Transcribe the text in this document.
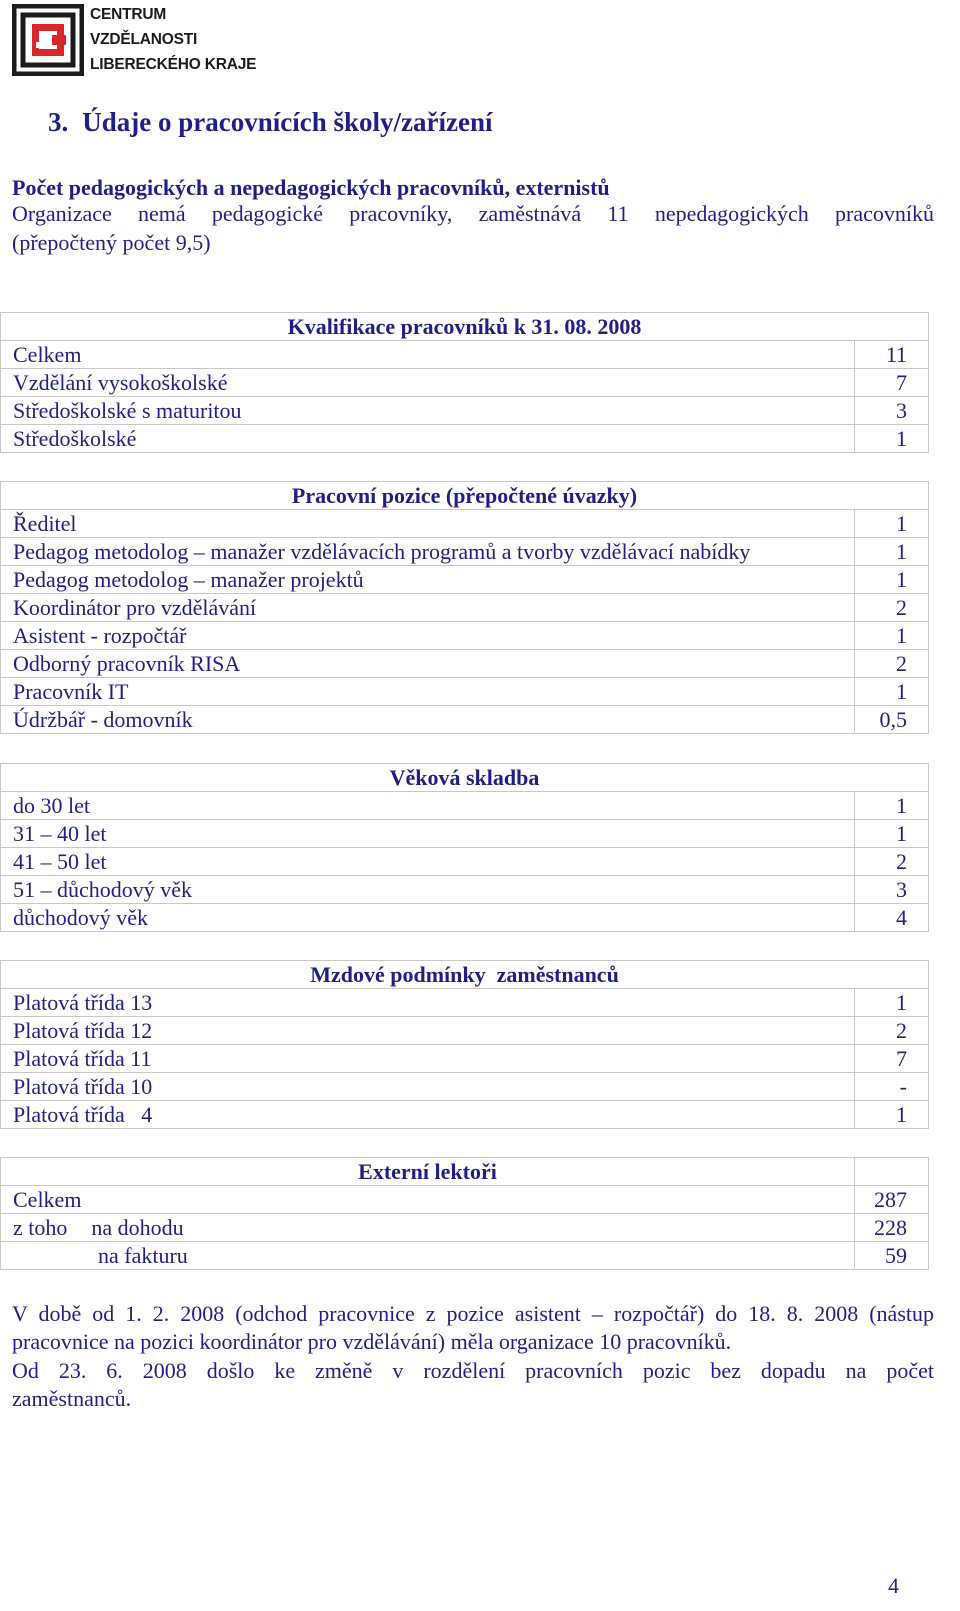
CENTRUM
VZDĚLANOSTI
LIBERECKÉHO KRAJE
3. Údaje o pracovnících školy/zařízení
Počet pedagogických a nepedagogických pracovníků, externistů
Organizace nemá pedagogické pracovníky, zaměstnává 11 nepedagogických pracovníků
(přepočtený počet 9,5)
Kvalifikace pracovníků k 31. 08. 2008	
Celkem	11
Vzdělání vysokoškolské	7
Středoškolské s maturitou	3
Středoškolské	1
Pracovní pozice (přepočtené úvazky)	
Ředitel	1
Pedagog metodolog – manažer vzdělávacích programů a tvorby vzdělávací nabídky	1
Pedagog metodolog – manažer projektů	1
Koordinátor pro vzdělávání	2
Asistent - rozpočtář	1
Odborný pracovník RISA	2
Pracovník IT	1
Údržbář - domovník	0,5
Věková skladba	
do 30 let	1
31 – 40 let	1
41 – 50 let	2
51 – důchodový věk	3
důchodový věk	4
Mzdové podmínky  zaměstnanců	
Platová třída 13	1
Platová třída 12	2
Platová třída 11	7
Platová třída 10	-
Platová třída   4	1
Externí lektoři	
Celkem	287
z toho na dohodu	228
na fakturu	59
V době od 1. 2. 2008 (odchod pracovnice z pozice asistent – rozpočtář) do 18. 8. 2008 (nástup
pracovnice na pozici koordinátor pro vzdělávání) měla organizace 10 pracovníků.
Od 23. 6. 2008 došlo ke změně v rozdělení pracovních pozic bez dopadu na počet
zaměstnanců.
4
